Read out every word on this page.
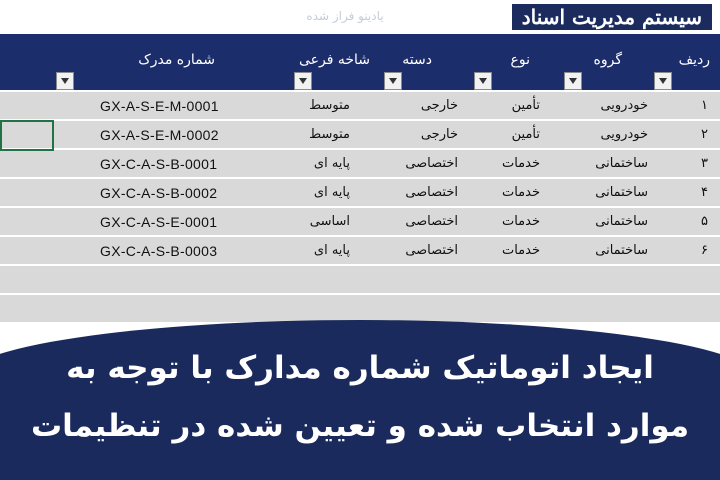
یادینو فراز شده	سیستم مدیریت اسناد
ردیف
گروه
نوع
دسته
شاخه فرعی
شماره مدرک
۱
خودرویی
تأمین
خارجی
متوسط
GX-A-S-E-M-0001
۲
خودرویی
تأمین
خارجی
متوسط
GX-A-S-E-M-0002
۳
ساختمانی
خدمات
اختصاصی
پایه ای
GX-C-A-S-B-0001
۴
ساختمانی
خدمات
اختصاصی
پایه ای
GX-C-A-S-B-0002
۵
ساختمانی
خدمات
اختصاصی
اساسی
GX-C-A-S-E-0001
۶
ساختمانی
خدمات
اختصاصی
پایه ای
GX-C-A-S-B-0003
ایجاد اتوماتیک شماره مدارک با توجه به
موارد انتخاب شده و تعیین شده در تنظیمات
